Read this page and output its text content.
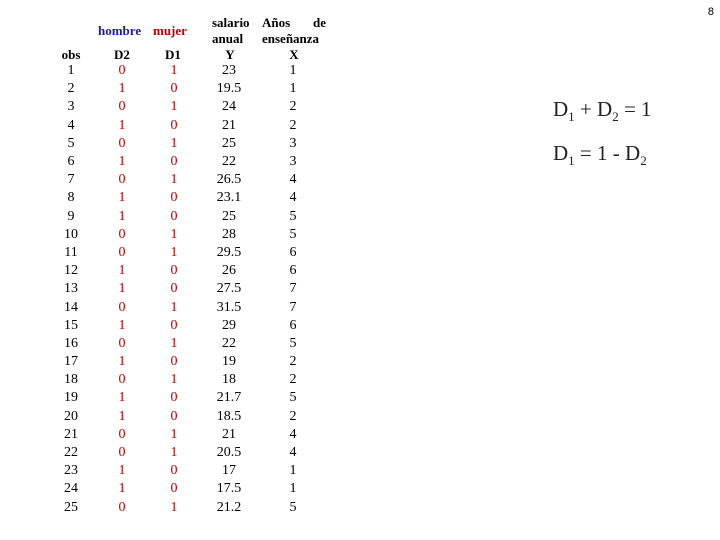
8
hombre mujer
salario
anual
Años de
enseñanza
obs	D2	D1	Y	X
1	0	1	23	1
2	1	0	19.5	1
3	0	1	24	2
4	1	0	21	2
5	0	1	25	3
6	1	0	22	3
7	0	1	26.5	4
8	1	0	23.1	4
9	1	0	25	5
10	0	1	28	5
11	0	1	29.5	6
12	1	0	26	6
13	1	0	27.5	7
14	0	1	31.5	7
15	1	0	29	6
16	0	1	22	5
17	1	0	19	2
18	0	1	18	2
19	1	0	21.7	5
20	1	0	18.5	2
21	0	1	21	4
22	0	1	20.5	4
23	1	0	17	1
24	1	0	17.5	1
25	0	1	21.2	5
$D_1 + D_2 = 1$
$D_1 = 1 - D_2$
